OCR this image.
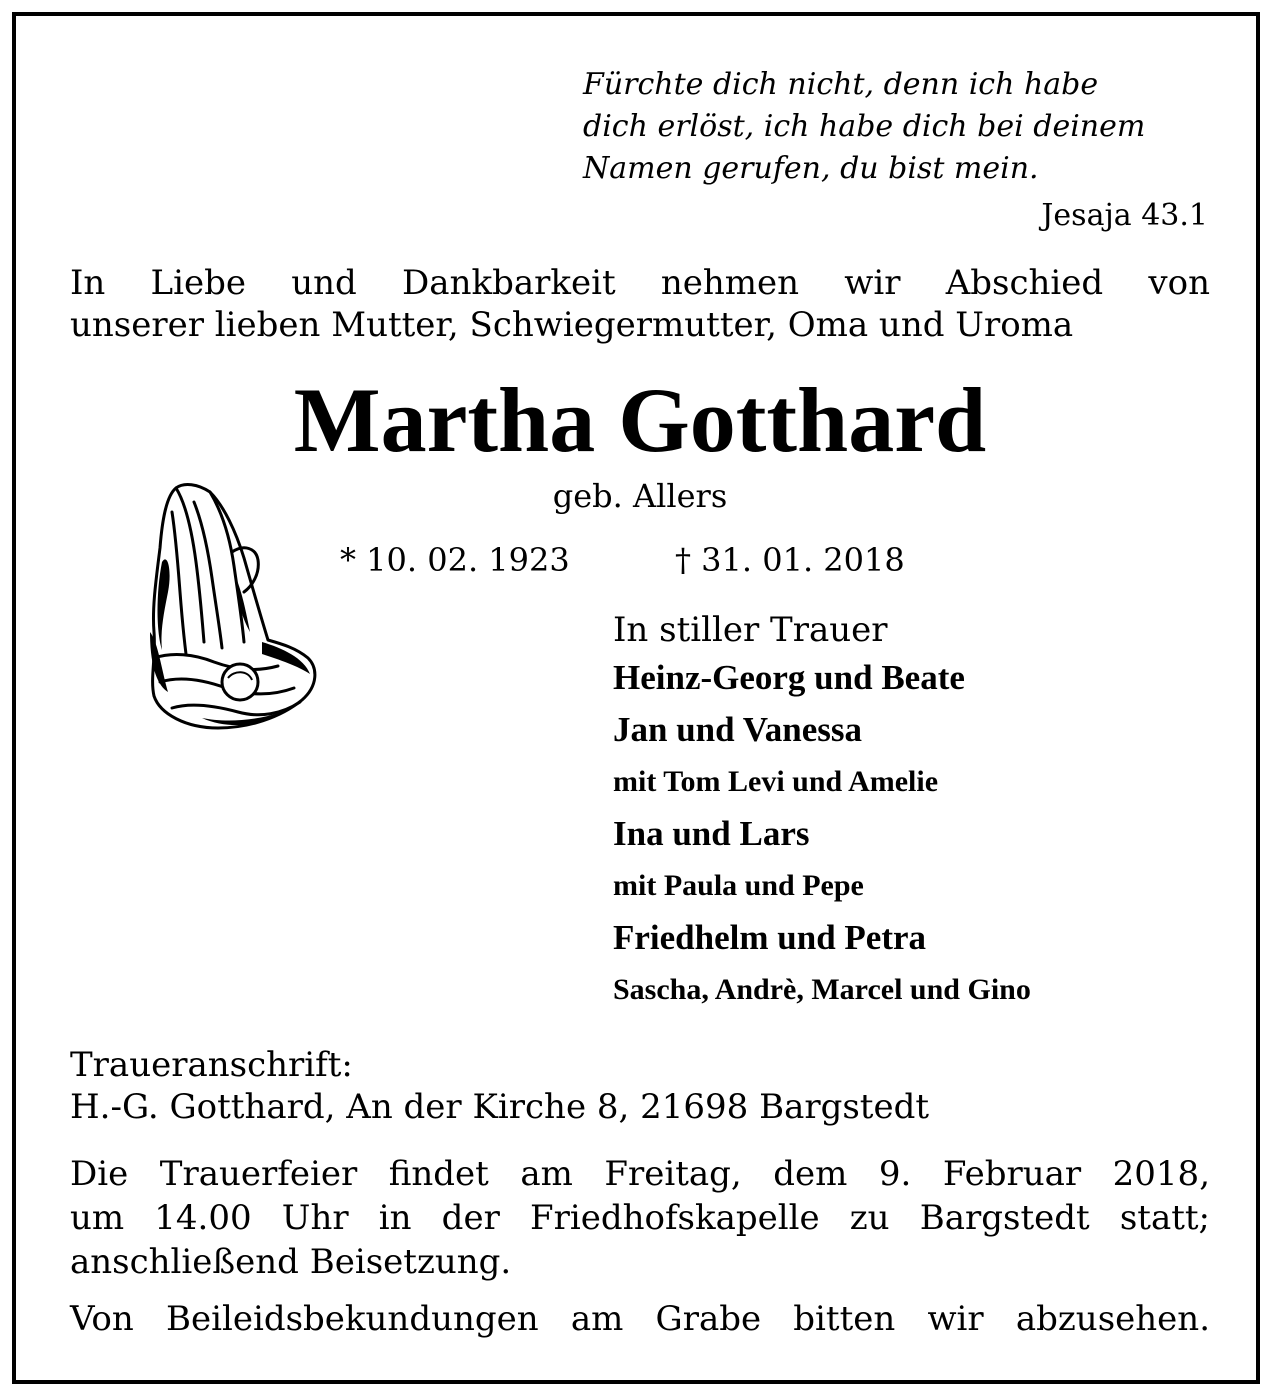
Fürchte dich nicht, denn ich habe
dich erlöst, ich habe dich bei deinem
Namen gerufen, du bist mein.
Jesaja 43.1
In Liebe und Dankbarkeit nehmen wir Abschied von
unserer lieben Mutter, Schwiegermutter, Oma und Uroma
Martha Gotthard
geb. Allers
* 10. 02. 1923	† 31. 01. 2018
In stiller Trauer
Heinz-Georg und Beate
Jan und Vanessa
mit Tom Levi und Amelie
Ina und Lars
mit Paula und Pepe
Friedhelm und Petra
Sascha, Andrè, Marcel und Gino
Traueranschrift:
H.-G. Gotthard, An der Kirche 8, 21698 Bargstedt
Die Trauerfeier findet am Freitag, dem 9. Februar 2018,
um 14.00 Uhr in der Friedhofskapelle zu Bargstedt statt;
anschließend Beisetzung.
Von Beileidsbekundungen am Grabe bitten wir abzusehen.
